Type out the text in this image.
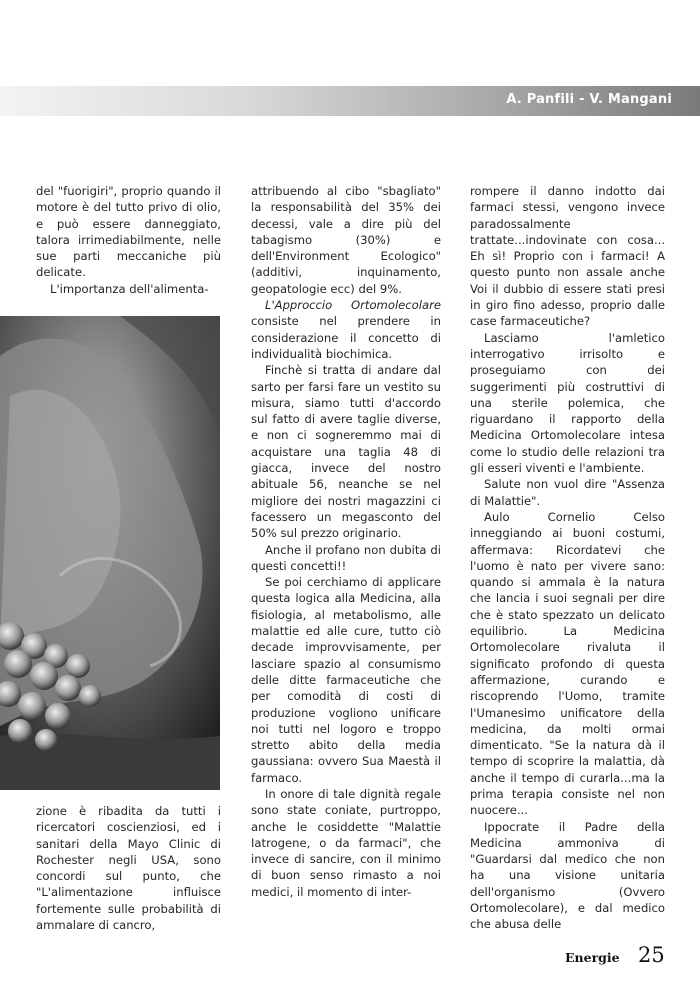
A. Panfili - V. Mangani

del "fuorigiri", proprio quando il motore è del tutto privo di olio, e può essere danneggiato, talora irrimediabilmente, nelle sue parti meccaniche più delicate.

L'importanza dell'alimenta-

zione è ribadita da tutti i ricercatori coscienziosi, ed i sanitari della Mayo Clinic di Rochester negli USA, sono concordi sul punto, che "L'alimentazione influisce fortemente sulle probabilità di ammalare di cancro,

attribuendo al cibo "sbagliato" la responsabilità del 35% dei decessi, vale a dire più del tabagismo (30%) e dell'Environment Ecologico" (additivi, inquinamento, geopatologie ecc) del 9%.

L'Approccio Ortomolecolare consiste nel prendere in considerazione il concetto di individualità biochimica.

Finchè si tratta di andare dal sarto per farsi fare un vestito su misura, siamo tutti d'accordo sul fatto di avere taglie diverse, e non ci sogneremmo mai di acquistare una taglia 48 di giacca, invece del nostro abituale 56, neanche se nel migliore dei nostri magazzini ci facessero un megasconto del 50% sul prezzo originario.

Anche il profano non dubita di questi concetti!!

Se poi cerchiamo di applicare questa logica alla Medicina, alla fisiologia, al metabolismo, alle malattie ed alle cure, tutto ciò decade improvvisamente, per lasciare spazio al consumismo delle ditte farmaceutiche che per comodità di costi di produzione vogliono unificare noi tutti nel logoro e troppo stretto abito della media gaussiana: ovvero Sua Maestà il farmaco.

In onore di tale dignità regale sono state coniate, purtroppo, anche le cosiddette "Malattie Iatrogene, o da farmaci", che invece di sancire, con il minimo di buon senso rimasto a noi medici, il momento di inter-

rompere il danno indotto dai farmaci stessi, vengono invece paradossalmente trattate...indovinate con cosa... Eh sì! Proprio con i farmaci! A questo punto non assale anche Voi il dubbio di essere stati presi in giro fino adesso, proprio dalle case farmaceutiche?

Lasciamo l'amletico interrogativo irrisolto e proseguiamo con dei suggerimenti più costruttivi di una sterile polemica, che riguardano il rapporto della Medicina Ortomolecolare intesa come lo studio delle relazioni tra gli esseri viventi e l'ambiente.

Salute non vuol dire "Assenza di Malattie".

Aulo Cornelio Celso inneggiando ai buoni costumi, affermava: Ricordatevi che l'uomo è nato per vivere sano: quando si ammala è la natura che lancia i suoi segnali per dire che è stato spezzato un delicato equilibrio. La Medicina Ortomolecolare rivaluta il significato profondo di questa affermazione, curando e riscoprendo l'Uomo, tramite l'Umanesimo unificatore della medicina, da molti ormai dimenticato. "Se la natura dà il tempo di scoprire la malattia, dà anche il tempo di curarla...ma la prima terapia consiste nel non nuocere...

Ippocrate il Padre della Medicina ammoniva di "Guardarsi dal medico che non ha una visione unitaria dell'organismo (Ovvero Ortomolecolare), e dal medico che abusa delle

Energie 25
